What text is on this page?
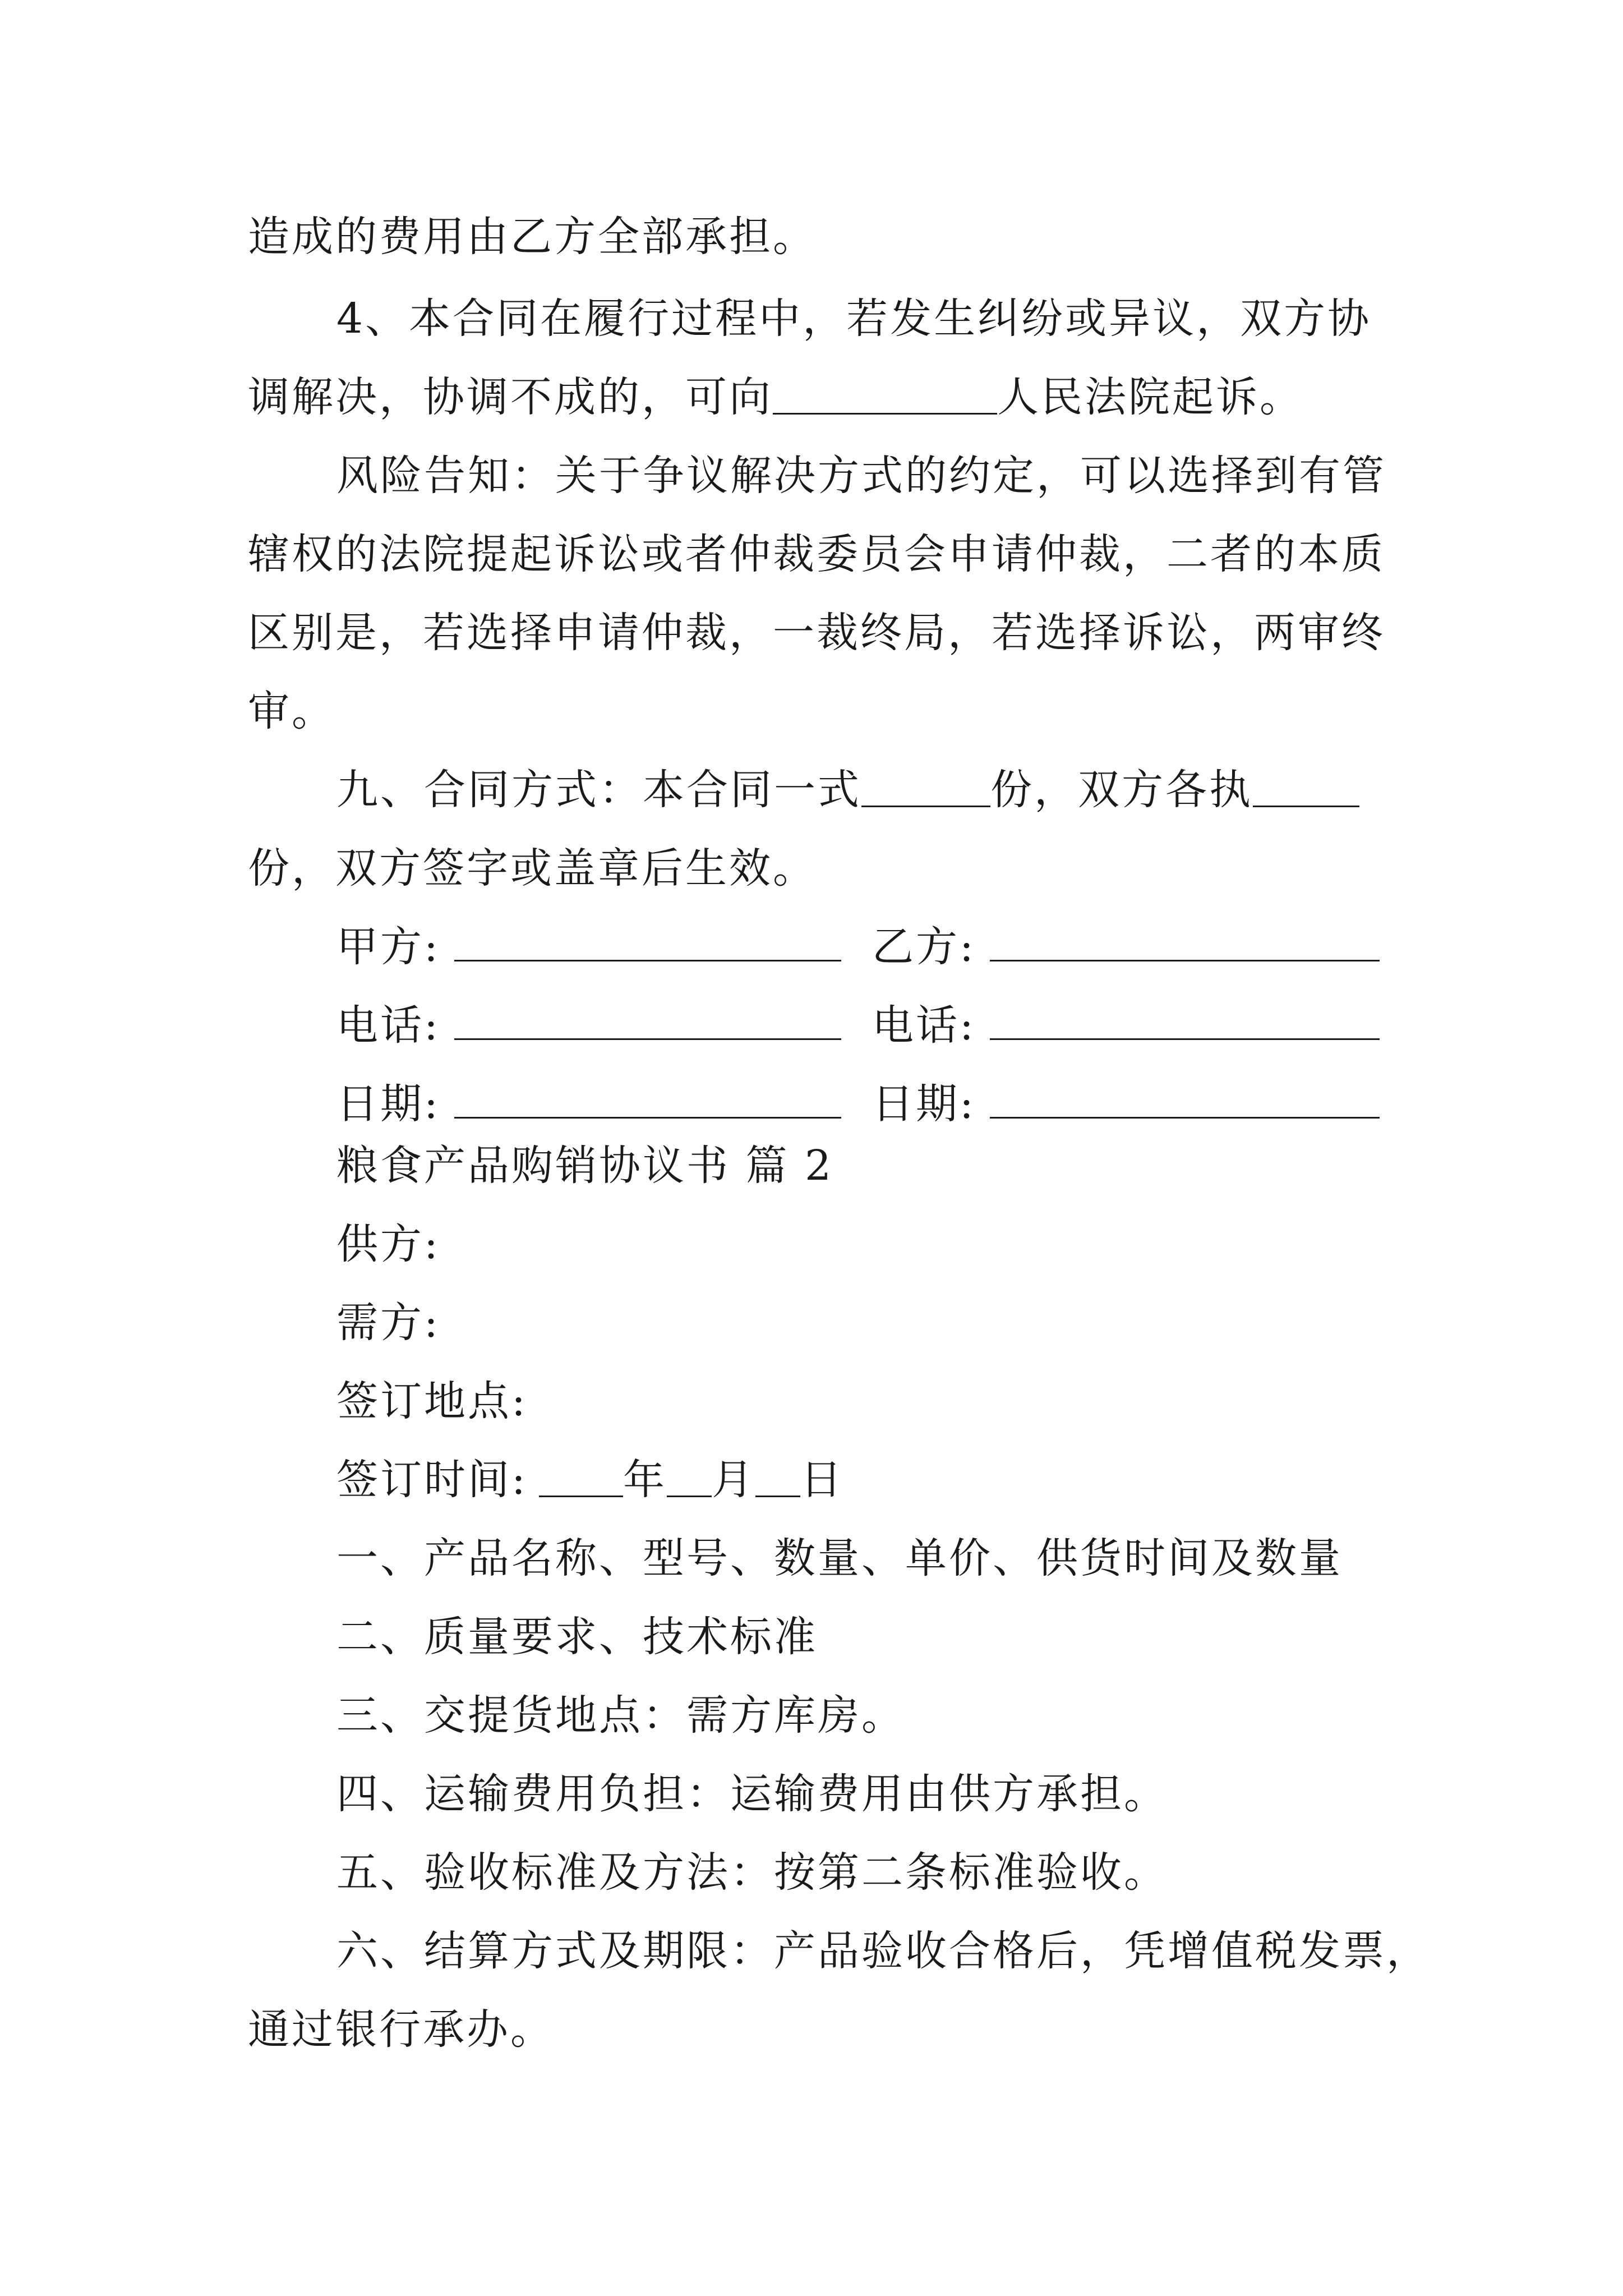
造成的费用由乙方全部承担。
4、本合同在履行过程中，若发生纠纷或异议，双方协
调解决，协调不成的，可向	人民法院起诉。
风险告知：关于争议解决方式的约定，可以选择到有管
辖权的法院提起诉讼或者仲裁委员会申请仲裁，二者的本质
区别是，若选择申请仲裁，一裁终局，若选择诉讼，两审终
审。
九、合同方式：本合同一式	份，双方各执
份，双方签字或盖章后生效。
甲方:	乙方:
电话:	电话:
日期:	日期:
粮食产品购销协议书 篇 2
供方:
需方:
签订地点:
签订时间: 年 月 日
一、产品名称、型号、数量、单价、供货时间及数量
二、质量要求、技术标准
三、交提货地点：需方库房。
四、运输费用负担：运输费用由供方承担。
五、验收标准及方法：按第二条标准验收。
六、结算方式及期限：产品验收合格后，凭增值税发票，
通过银行承办。
